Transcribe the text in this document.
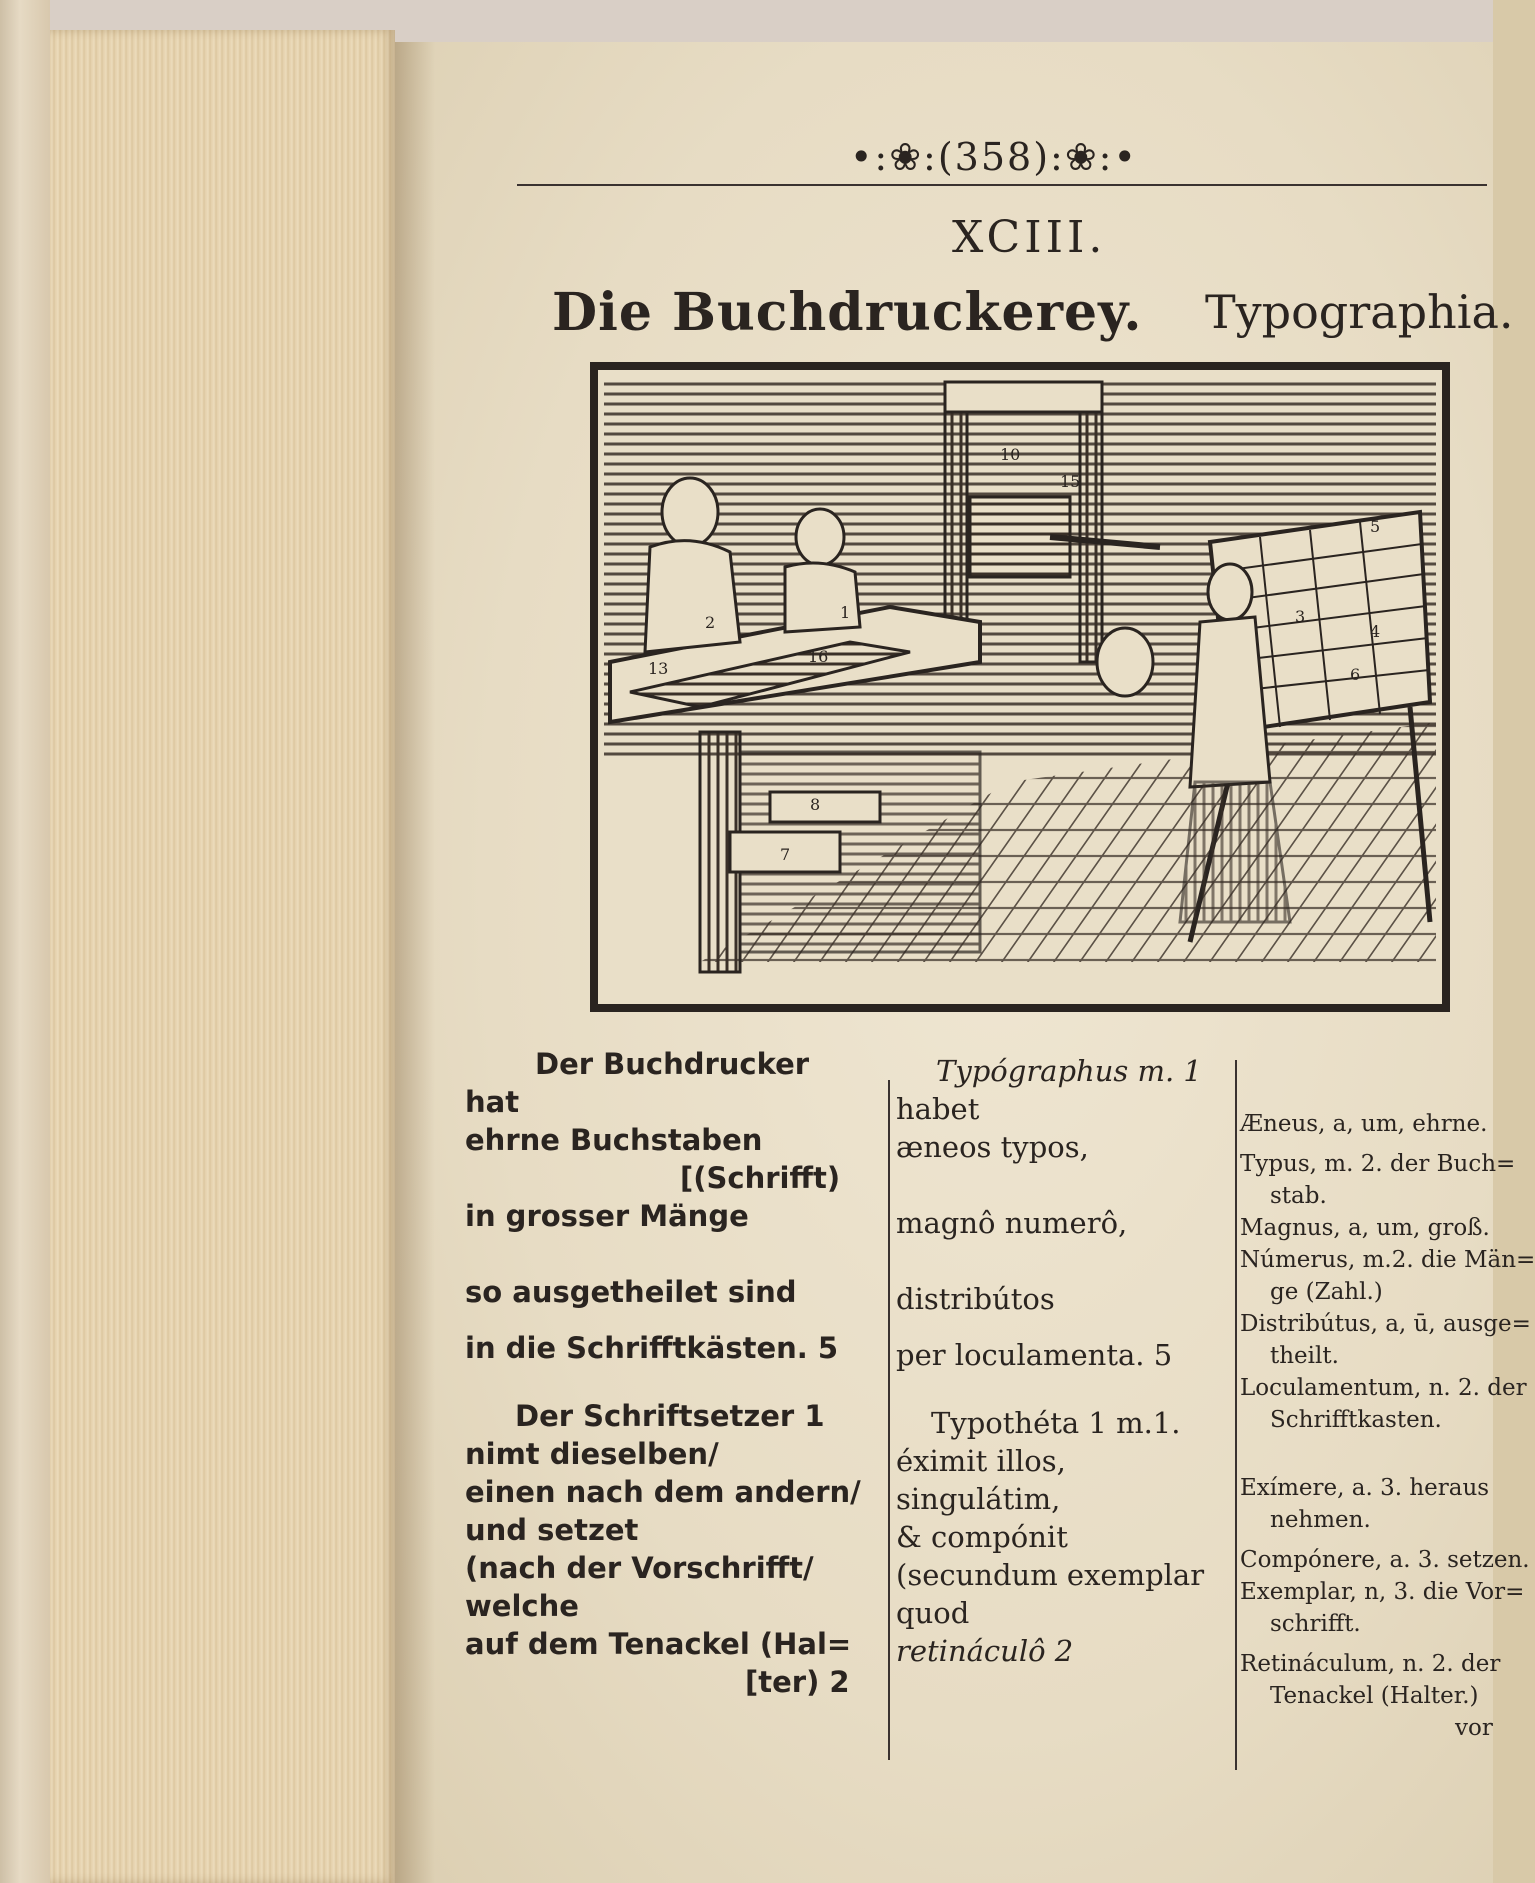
•:❀:(358):❀:•
XCIII.
Die Buchdruckerey. Typographia.
10
15
13
16
8
7
5
3
4
6
2
1
Der Buchdrucker
hat
ehrne Buchstaben
[(Schrifft)
in grosser Mänge
so ausgetheilet sind
in die Schrifftkästen. 5
Der Schriftsetzer 1
nimt dieselben/
einen nach dem andern/
und setzet
(nach der Vorschrifft/
welche
auf dem Tenackel (Hal=
[ter) 2
Typógraphus m. 1
habet
æneos typos,
magnô numerô,
distribútos
per loculamenta. 5
Typothéta 1 m.1.
éximit illos,
singulátim,
& compónit
(secundum exemplar
quod
retináculô 2
Æneus, a, um, ehrne.
Typus, m. 2. der Buch=
stab.
Magnus, a, um, groß.
Númerus, m.2. die Män=
ge (Zahl.)
Distribútus, a, ū, ausge=
theilt.
Loculamentum, n. 2. der
Schrifftkasten.
Exímere, a. 3. heraus
nehmen.
Compónere, a. 3. setzen.
Exemplar, n, 3. die Vor=
schrifft.
Retináculum, n. 2. der
Tenackel (Halter.)
vor
